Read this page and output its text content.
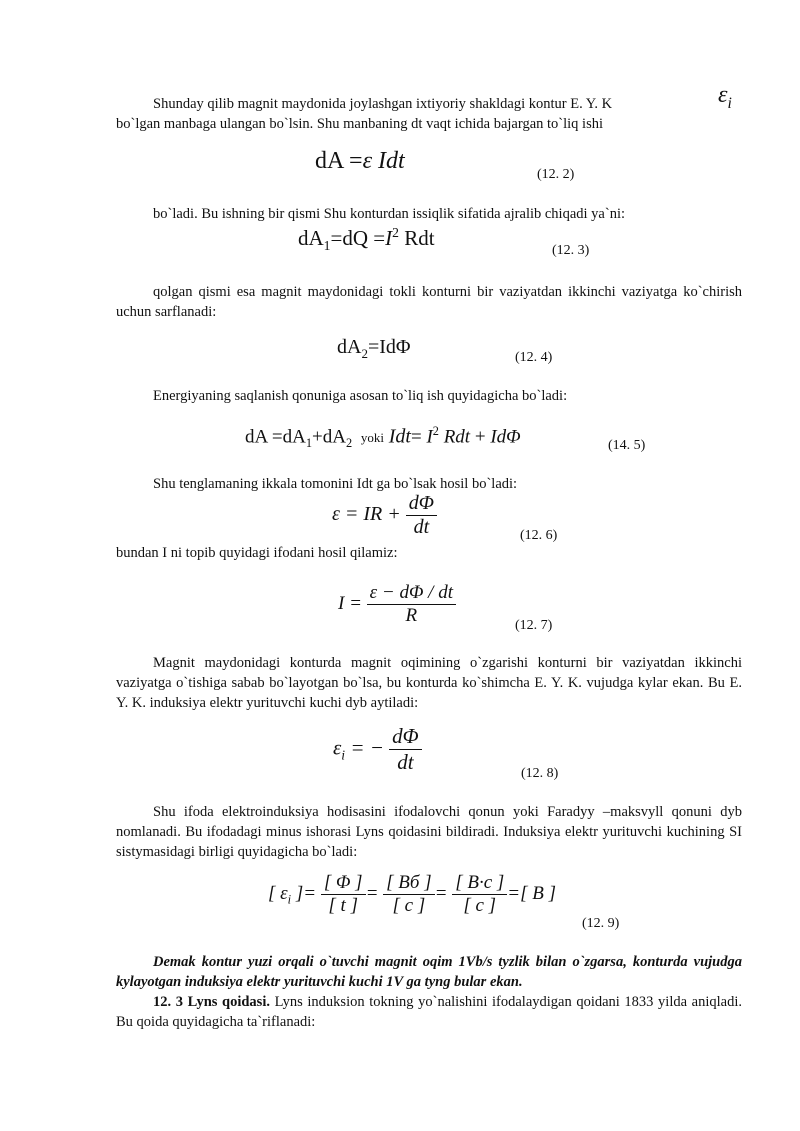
Shunday qilib magnit maydonida joylashgan ixtiyoriy shakldagi kontur E. Y. K	$\varepsilon_i$
bo`lgan manbaga ulangan bo`lsin. Shu manbaning dt vaqt ichida bajargan to`liq ishi
dA =ε Idt
(12. 2)
bo`ladi. Bu ishning bir qismi Shu konturdan issiqlik sifatida ajralib chiqadi ya`ni:
$dA_1=dQ =I^2$ Rdt
(12. 3)
qolgan qismi esa magnit maydonidagi tokli konturni bir vaziyatdan ikkinchi vaziyatga ko`chirish uchun sarflanadi:
$dA_2=Id\Phi$	(12. 4)
Energiyaning saqlanish qonuniga asosan to`liq ish quyidagicha bo`ladi:
dA $=dA_1+dA_2$ yoki $Idt= I^2$ Rdt + IdΦ	(14. 5)
Shu tenglamaning ikkala tomonini Idt ga bo`lsak hosil bo`ladi:
ε = IR + $\frac{d\Phi}{dt}$	(12. 6)
bundan I ni topib quyidagi ifodani hosil qilamiz:
$I = \frac{\varepsilon - d\Phi / dt}{R}$	(12. 7)
Magnit maydonidagi konturda magnit oqimining o`zgarishi konturni bir vaziyatdan ikkinchi vaziyatga o`tishiga sabab bo`layotgan bo`lsa, bu konturda ko`shimcha E. Y. K. vujudga kylar ekan. Bu E. Y. K. induksiya elektr yurituvchi kuchi dyb aytiladi:
$\varepsilon_i$ = − $\frac{d\Phi}{dt}$	(12. 8)
Shu ifoda elektroinduksiya hodisasini ifodalovchi qonun yoki Faradyy –maksvyll qonuni dyb nomlanadi. Bu ifodadagi minus ishorasi Lyns qoidasini bildiradi. Induksiya elektr yurituvchi kuchining SI sistymasidagi birligi quyidagicha bo`ladi:
[ $\varepsilon_i$ ]= $\frac{[ \Phi ]}{[ t ]} = \frac{[ Вб ]}{[ c ]} = \frac{[ B\cdot c ]}{[ c ]}$ =[ B ]
(12. 9)
Demak kontur yuzi orqali o`tuvchi magnit oqim 1Vb/s tyzlik bilan o`zgarsa, konturda vujudga kylayotgan induksiya elektr yurituvchi kuchi 1V ga tyng bular ekan.
12. 3 Lyns qoidasi. Lyns induksion tokning yo`nalishini ifodalaydigan qoidani 1833 yilda aniqladi. Bu qoida quyidagicha ta`riflanadi:
